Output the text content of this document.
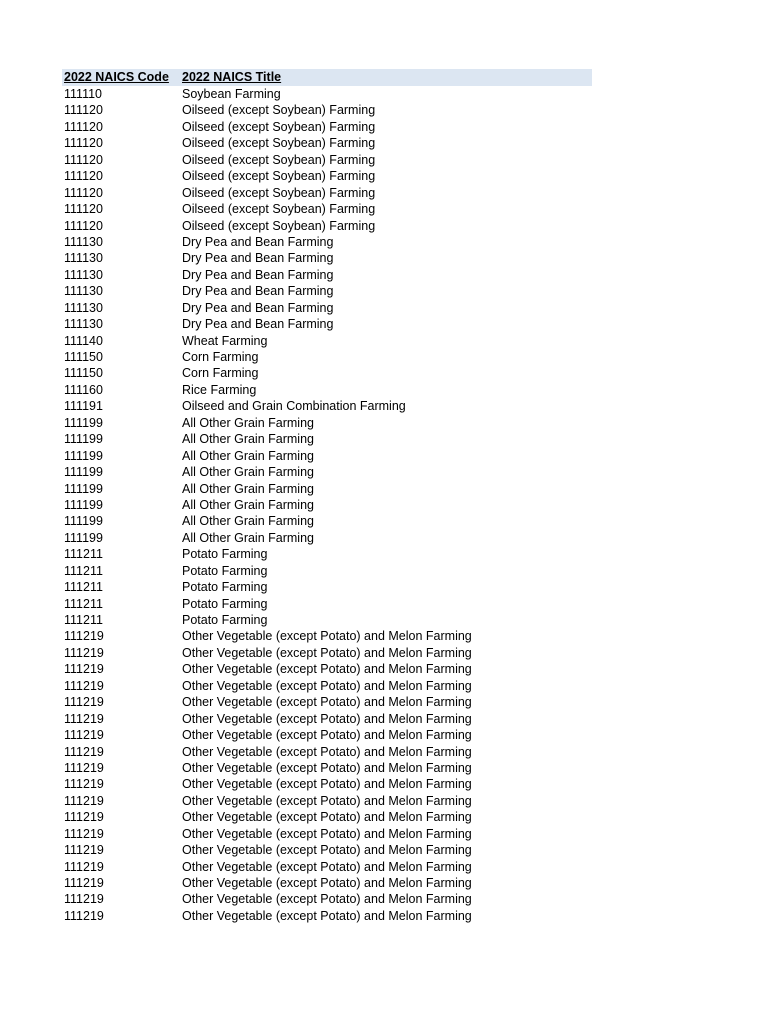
2022 NAICS Code	2022 NAICS Title
111110	Soybean Farming
111120	Oilseed (except Soybean) Farming
111120	Oilseed (except Soybean) Farming
111120	Oilseed (except Soybean) Farming
111120	Oilseed (except Soybean) Farming
111120	Oilseed (except Soybean) Farming
111120	Oilseed (except Soybean) Farming
111120	Oilseed (except Soybean) Farming
111120	Oilseed (except Soybean) Farming
111130	Dry Pea and Bean Farming
111130	Dry Pea and Bean Farming
111130	Dry Pea and Bean Farming
111130	Dry Pea and Bean Farming
111130	Dry Pea and Bean Farming
111130	Dry Pea and Bean Farming
111140	Wheat Farming
111150	Corn Farming
111150	Corn Farming
111160	Rice Farming
111191	Oilseed and Grain Combination Farming
111199	All Other Grain Farming
111199	All Other Grain Farming
111199	All Other Grain Farming
111199	All Other Grain Farming
111199	All Other Grain Farming
111199	All Other Grain Farming
111199	All Other Grain Farming
111199	All Other Grain Farming
111211	Potato Farming
111211	Potato Farming
111211	Potato Farming
111211	Potato Farming
111211	Potato Farming
111219	Other Vegetable (except Potato) and Melon Farming
111219	Other Vegetable (except Potato) and Melon Farming
111219	Other Vegetable (except Potato) and Melon Farming
111219	Other Vegetable (except Potato) and Melon Farming
111219	Other Vegetable (except Potato) and Melon Farming
111219	Other Vegetable (except Potato) and Melon Farming
111219	Other Vegetable (except Potato) and Melon Farming
111219	Other Vegetable (except Potato) and Melon Farming
111219	Other Vegetable (except Potato) and Melon Farming
111219	Other Vegetable (except Potato) and Melon Farming
111219	Other Vegetable (except Potato) and Melon Farming
111219	Other Vegetable (except Potato) and Melon Farming
111219	Other Vegetable (except Potato) and Melon Farming
111219	Other Vegetable (except Potato) and Melon Farming
111219	Other Vegetable (except Potato) and Melon Farming
111219	Other Vegetable (except Potato) and Melon Farming
111219	Other Vegetable (except Potato) and Melon Farming
111219	Other Vegetable (except Potato) and Melon Farming
